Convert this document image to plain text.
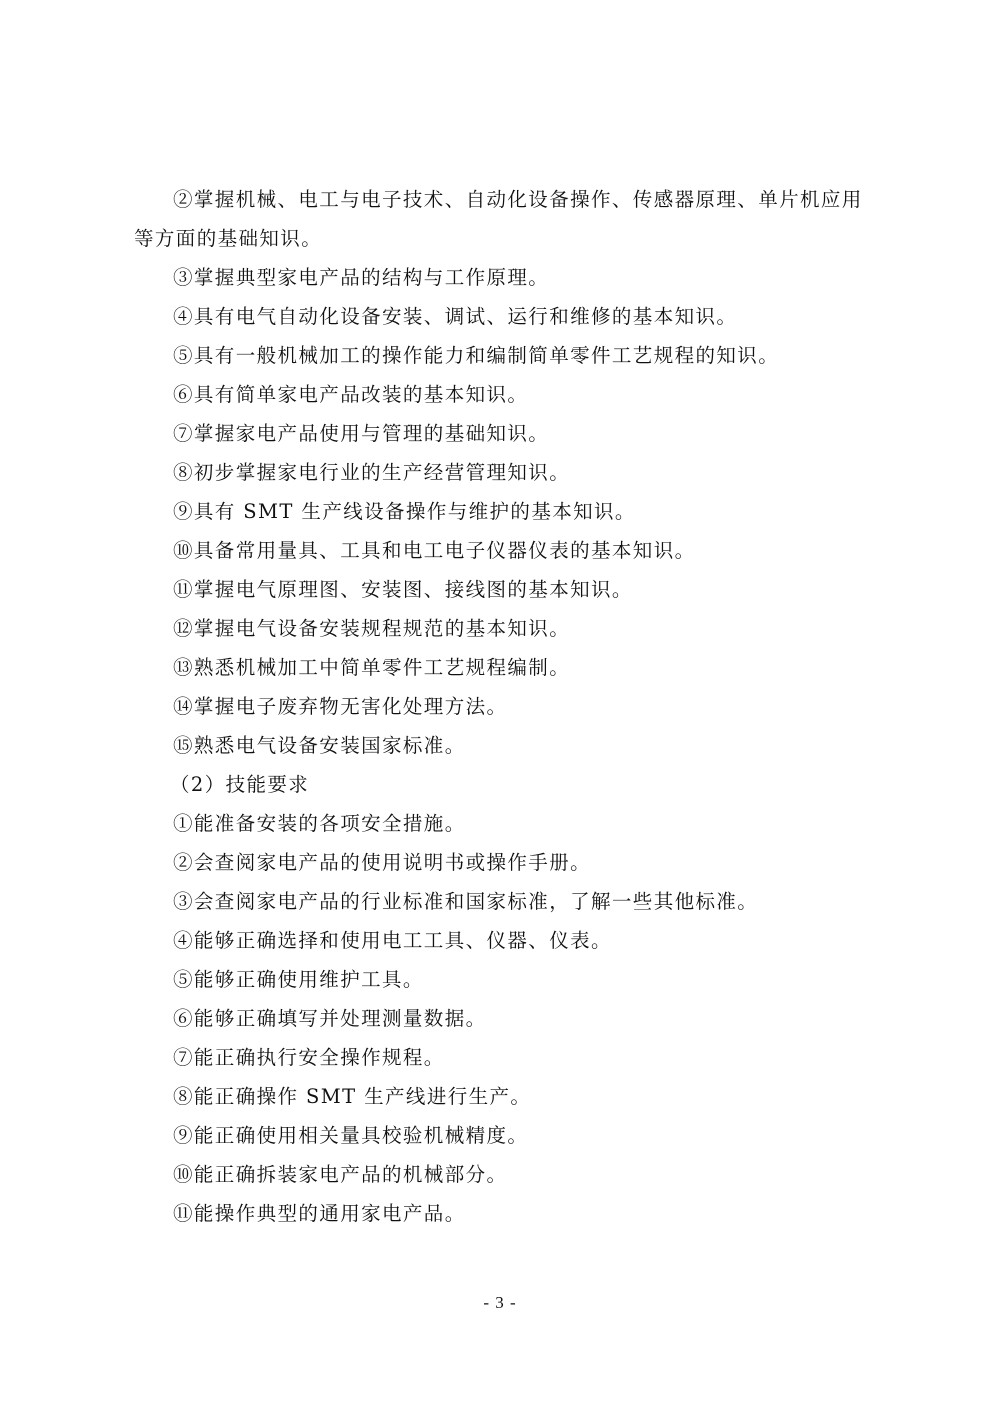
②掌握机械、电工与电子技术、自动化设备操作、传感器原理、单片机应用等方面的基础知识。

③掌握典型家电产品的结构与工作原理。

④具有电气自动化设备安装、调试、运行和维修的基本知识。

⑤具有一般机械加工的操作能力和编制简单零件工艺规程的知识。

⑥具有简单家电产品改装的基本知识。

⑦掌握家电产品使用与管理的基础知识。

⑧初步掌握家电行业的生产经营管理知识。

⑨具有 SMT 生产线设备操作与维护的基本知识。

⑩具备常用量具、工具和电工电子仪器仪表的基本知识。

⑪掌握电气原理图、安装图、接线图的基本知识。

⑫掌握电气设备安装规程规范的基本知识。

⑬熟悉机械加工中简单零件工艺规程编制。

⑭掌握电子废弃物无害化处理方法。

⑮熟悉电气设备安装国家标准。

（2）技能要求

①能准备安装的各项安全措施。

②会查阅家电产品的使用说明书或操作手册。

③会查阅家电产品的行业标准和国家标准，了解一些其他标准。

④能够正确选择和使用电工工具、仪器、仪表。

⑤能够正确使用维护工具。

⑥能够正确填写并处理测量数据。

⑦能正确执行安全操作规程。

⑧能正确操作 SMT 生产线进行生产。

⑨能正确使用相关量具校验机械精度。

⑩能正确拆装家电产品的机械部分。

⑪能操作典型的通用家电产品。

- 3 -
